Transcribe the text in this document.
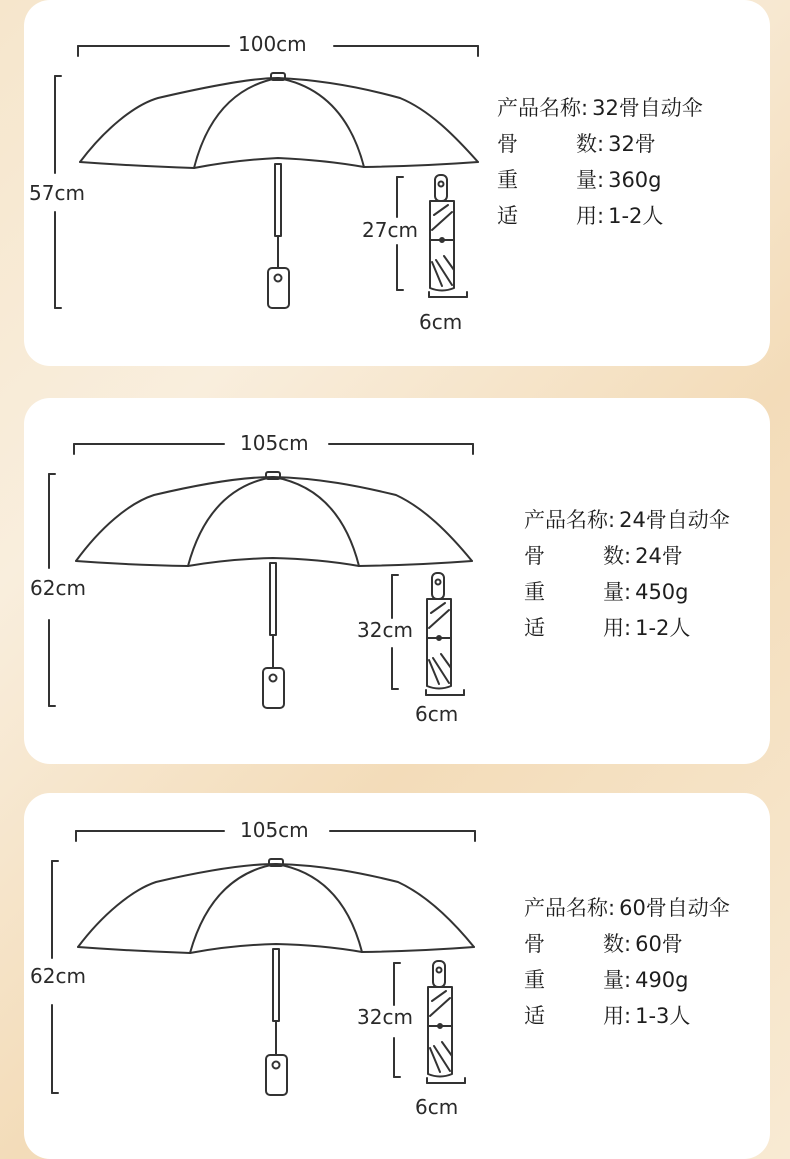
100cm
57cm
27cm
6cm
产品名称 : 32骨自动伞
骨	数 : 32骨
重	量 : 360g
适	用 : 1-2人
105cm
62cm
32cm
6cm
产品名称 : 24骨自动伞
骨	数 : 24骨
重	量 : 450g
适	用 : 1-2人
105cm
62cm
32cm
6cm
产品名称 : 60骨自动伞
骨	数 : 60骨
重	量 : 490g
适	用 : 1-3人
